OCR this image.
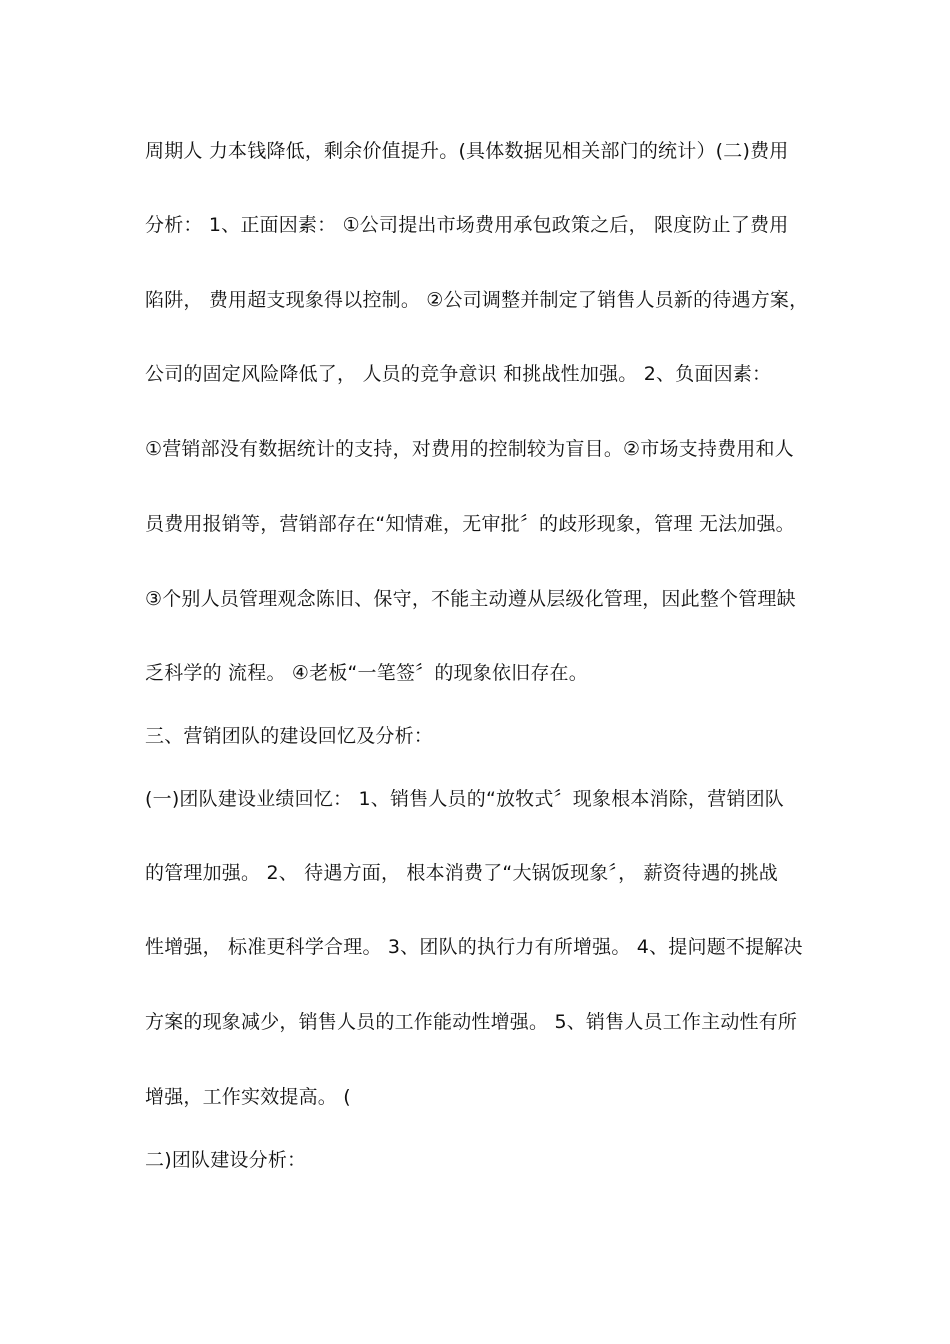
周期人 力本钱降低，剩余价值提升。(具体数据见相关部门的统计）(二)费用
分析： 1、正面因素： ①公司提出市场费用承包政策之后， 限度防止了费用
陷阱， 费用超支现象得以控制。 ②公司调整并制定了销售人员新的待遇方案，
公司的固定风险降低了， 人员的竞争意识 和挑战性加强。 2、负面因素：
①营销部没有数据统计的支持，对费用的控制较为盲目。②市场支持费用和人
员费用报销等，营销部存在“知情难，无审批〞的歧形现象，管理 无法加强。
③个别人员管理观念陈旧、保守，不能主动遵从层级化管理，因此整个管理缺
乏科学的 流程。 ④老板“一笔签〞的现象依旧存在。
三、营销团队的建设回忆及分析：
(一)团队建设业绩回忆： 1、销售人员的“放牧式〞现象根本消除，营销团队
的管理加强。 2、 待遇方面， 根本消费了“大锅饭现象〞， 薪资待遇的挑战
性增强， 标准更科学合理。 3、团队的执行力有所增强。 4、提问题不提解决
方案的现象减少，销售人员的工作能动性增强。 5、销售人员工作主动性有所
增强，工作实效提高。 (
二)团队建设分析：
